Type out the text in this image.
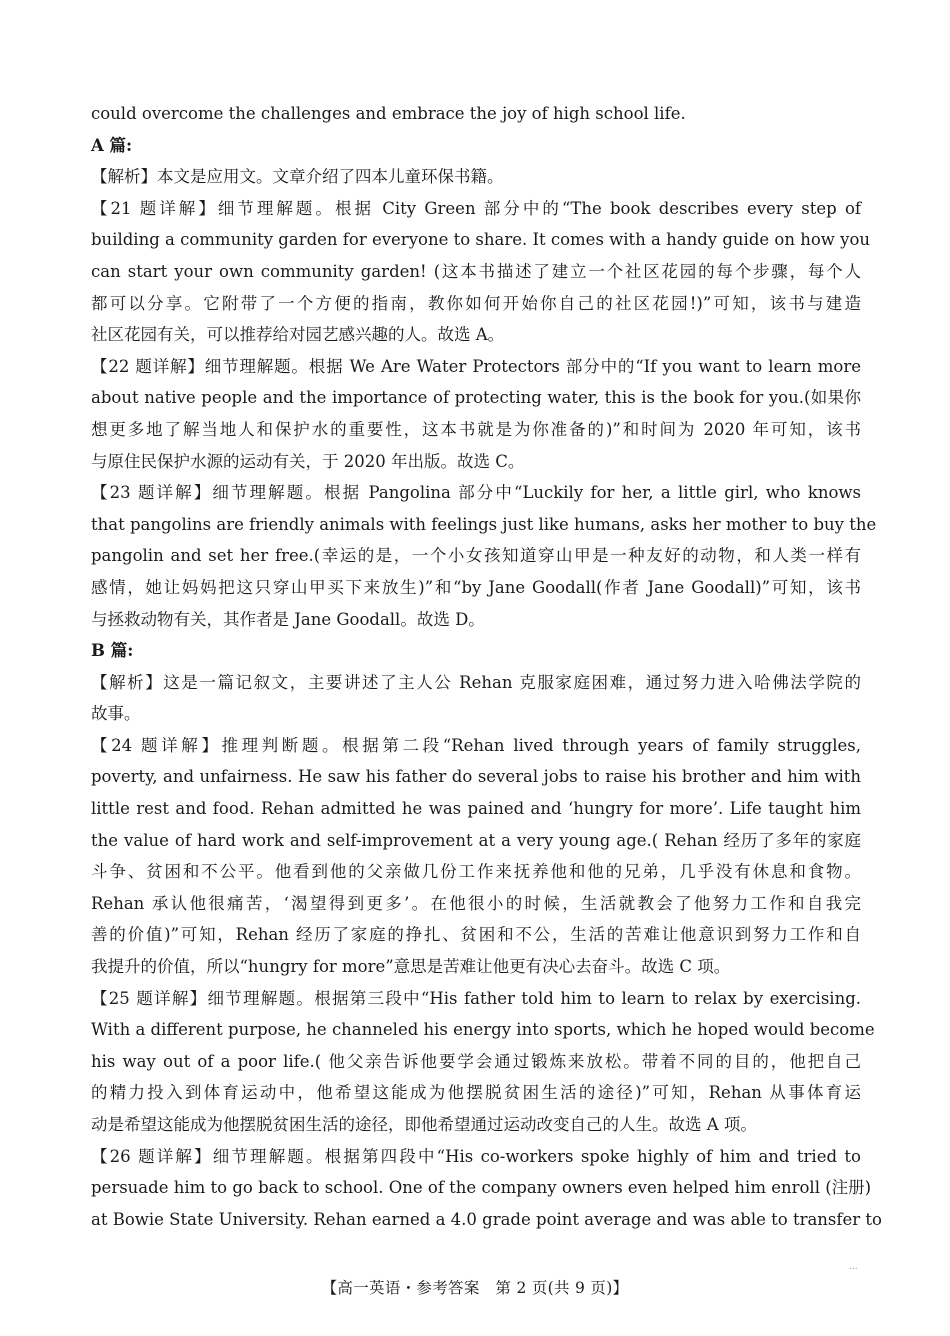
could overcome the challenges and embrace the joy of high school life.
A 篇:
【解析】本文是应用文。文章介绍了四本儿童环保书籍。
【21 题详解】细节理解题。根据 City Green 部分中的“The book describes every step of
building a community garden for everyone to share. It comes with a handy guide on how you
can start your own community garden! (这本书描述了建立一个社区花园的每个步骤，每个人
都可以分享。它附带了一个方便的指南，教你如何开始你自己的社区花园!)”可知，该书与建造
社区花园有关，可以推荐给对园艺感兴趣的人。故选 A。
【22 题详解】细节理解题。根据 We Are Water Protectors 部分中的“If you want to learn more
about native people and the importance of protecting water, this is the book for you.(如果你
想更多地了解当地人和保护水的重要性，这本书就是为你准备的)”和时间为 2020 年可知，该书
与原住民保护水源的运动有关，于 2020 年出版。故选 C。
【23 题详解】细节理解题。根据 Pangolina 部分中“Luckily for her, a little girl, who knows
that pangolins are friendly animals with feelings just like humans, asks her mother to buy the
pangolin and set her free.(幸运的是，一个小女孩知道穿山甲是一种友好的动物，和人类一样有
感情，她让妈妈把这只穿山甲买下来放生)”和“by Jane Goodall(作者 Jane Goodall)”可知，该书
与拯救动物有关，其作者是 Jane Goodall。故选 D。
B 篇:
【解析】这是一篇记叙文，主要讲述了主人公 Rehan 克服家庭困难，通过努力进入哈佛法学院的
故事。
【24 题详解】推理判断题。根据第二段“Rehan lived through years of family struggles,
poverty, and unfairness. He saw his father do several jobs to raise his brother and him with
little rest and food. Rehan admitted he was pained and ‘hungry for more’. Life taught him
the value of hard work and self-improvement at a very young age.( Rehan 经历了多年的家庭
斗争、贫困和不公平。他看到他的父亲做几份工作来抚养他和他的兄弟，几乎没有休息和食物。
Rehan 承认他很痛苦，‘渴望得到更多’。在他很小的时候，生活就教会了他努力工作和自我完
善的价值)”可知，Rehan 经历了家庭的挣扎、贫困和不公，生活的苦难让他意识到努力工作和自
我提升的价值，所以“hungry for more”意思是苦难让他更有决心去奋斗。故选 C 项。
【25 题详解】细节理解题。根据第三段中“His father told him to learn to relax by exercising.
With a different purpose, he channeled his energy into sports, which he hoped would become
his way out of a poor life.( 他父亲告诉他要学会通过锻炼来放松。带着不同的目的，他把自己
的精力投入到体育运动中，他希望这能成为他摆脱贫困生活的途径)”可知，Rehan 从事体育运
动是希望这能成为他摆脱贫困生活的途径，即他希望通过运动改变自己的人生。故选 A 项。
【26 题详解】细节理解题。根据第四段中“His co-workers spoke highly of him and tried to
persuade him to go back to school. One of the company owners even helped him enroll (注册)
at Bowie State University. Rehan earned a 4.0 grade point average and was able to transfer to
【高一英语・参考答案　第 2 页(共 9 页)】
...
